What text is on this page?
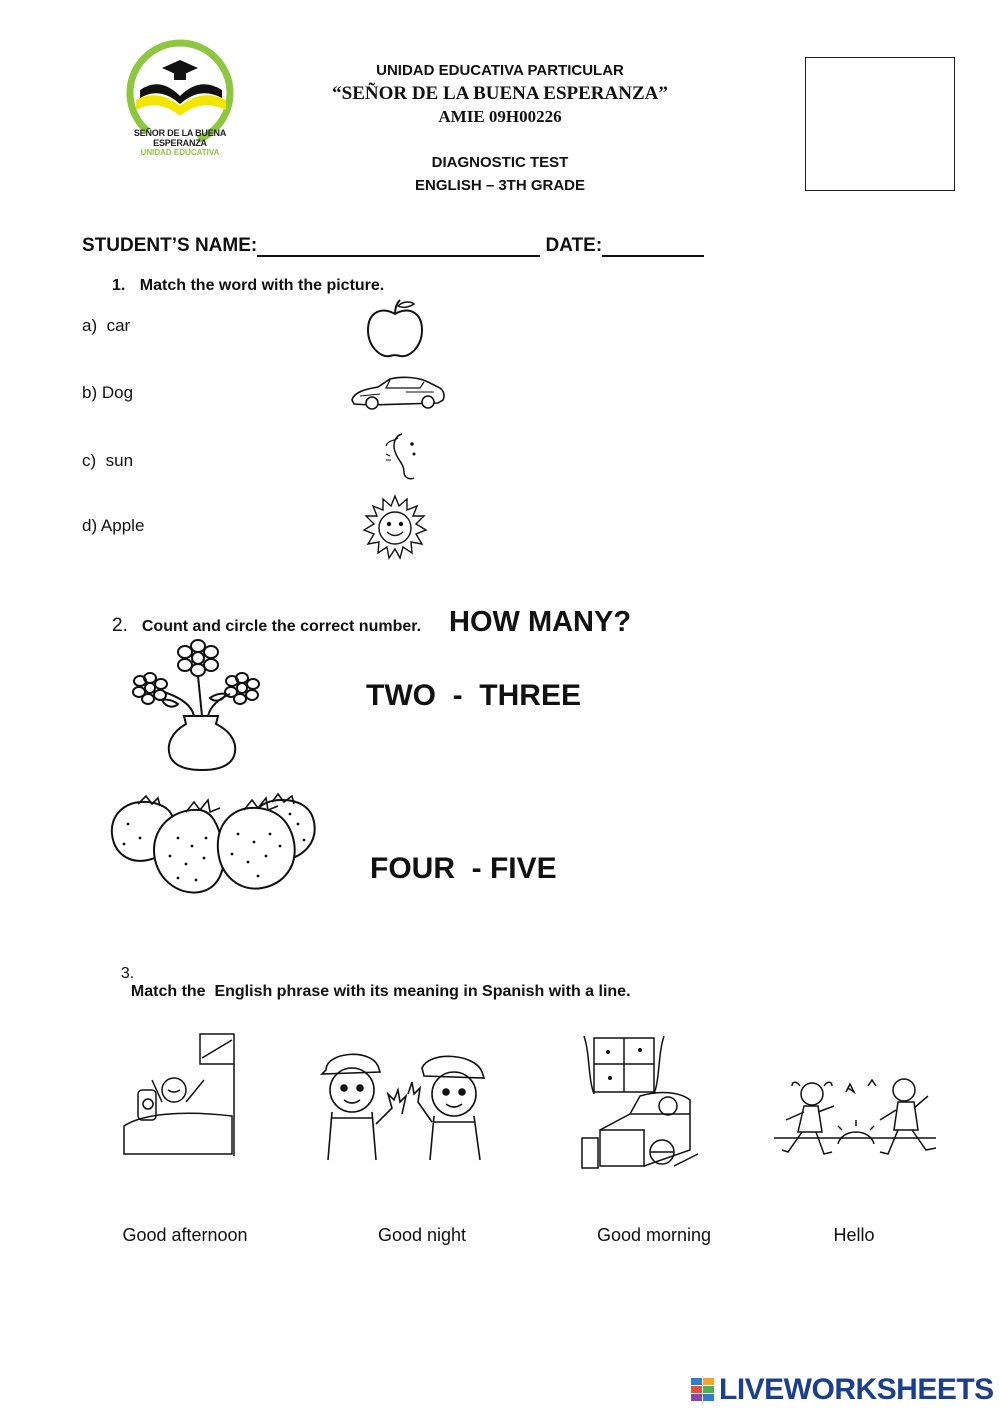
SEÑOR DE LA BUENA ESPERANZA
UNIDAD EDUCATIVA
UNIDAD EDUCATIVA PARTICULAR
“SEÑOR DE LA BUENA ESPERANZA”
AMIE 09H00226
DIAGNOSTIC TEST
ENGLISH – 3TH GRADE
STUDENT’S NAME:	DATE:
1. Match the word with the picture.
a) car
b) Dog
c) sun
d) Apple
2. Count and circle the correct number. HOW MANY?
TWO  -  THREE
FOUR  - FIVE

3.
Match the  English phrase with its meaning in Spanish with a line.

Good afternoon	Good night	Good morning	Hello
LIVEWORKSHEETS
